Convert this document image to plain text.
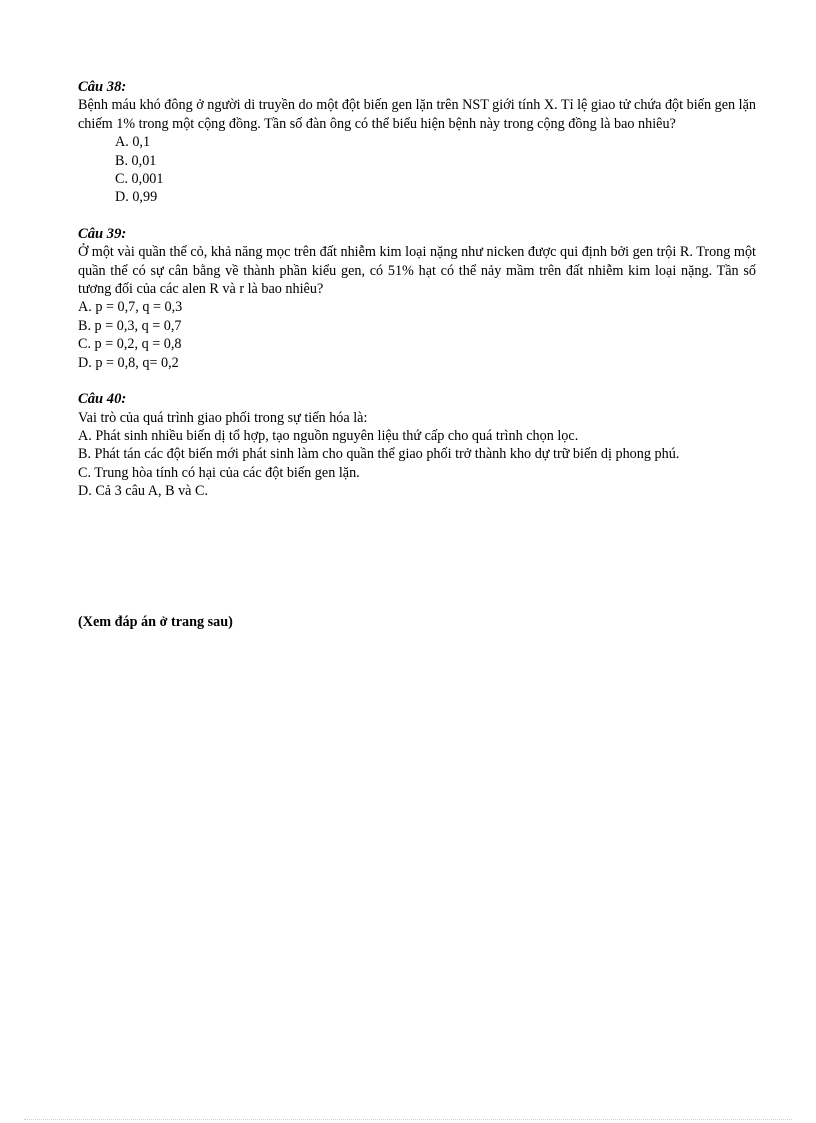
Câu 38:

Bệnh máu khó đông ở người di truyền do một đột biến gen lặn trên NST giới tính X. Tỉ lệ giao tử chứa đột biến gen lặn chiếm 1% trong một cộng đồng. Tần số đàn ông có thể biểu hiện bệnh này trong cộng đồng là bao nhiêu?

A. 0,1

B. 0,01

C. 0,001

D. 0,99

Câu 39:

Ở một vài quần thể cỏ, khả năng mọc trên đất nhiễm kim loại nặng như nicken được qui định bởi gen trội R. Trong một quần thể có sự cân bằng về thành phần kiểu gen, có 51% hạt có thể nảy mầm trên đất nhiễm kim loại nặng. Tần số tương đối của các alen R và r là bao nhiêu?

A. p = 0,7, q = 0,3

B. p = 0,3, q = 0,7

C. p = 0,2, q = 0,8

D. p = 0,8, q= 0,2

Câu 40:

Vai trò của quá trình giao phối trong sự tiến hóa là:

A. Phát sinh nhiều biến dị tổ hợp, tạo nguồn nguyên liệu thứ cấp cho quá trình chọn lọc.

B. Phát tán các đột biến mới phát sinh làm cho quần thể giao phối trở thành kho dự trữ biến dị phong phú.

C. Trung hòa tính có hại của các đột biến gen lặn.

D. Cả 3 câu A, B và C.

(Xem đáp án ở trang sau)
